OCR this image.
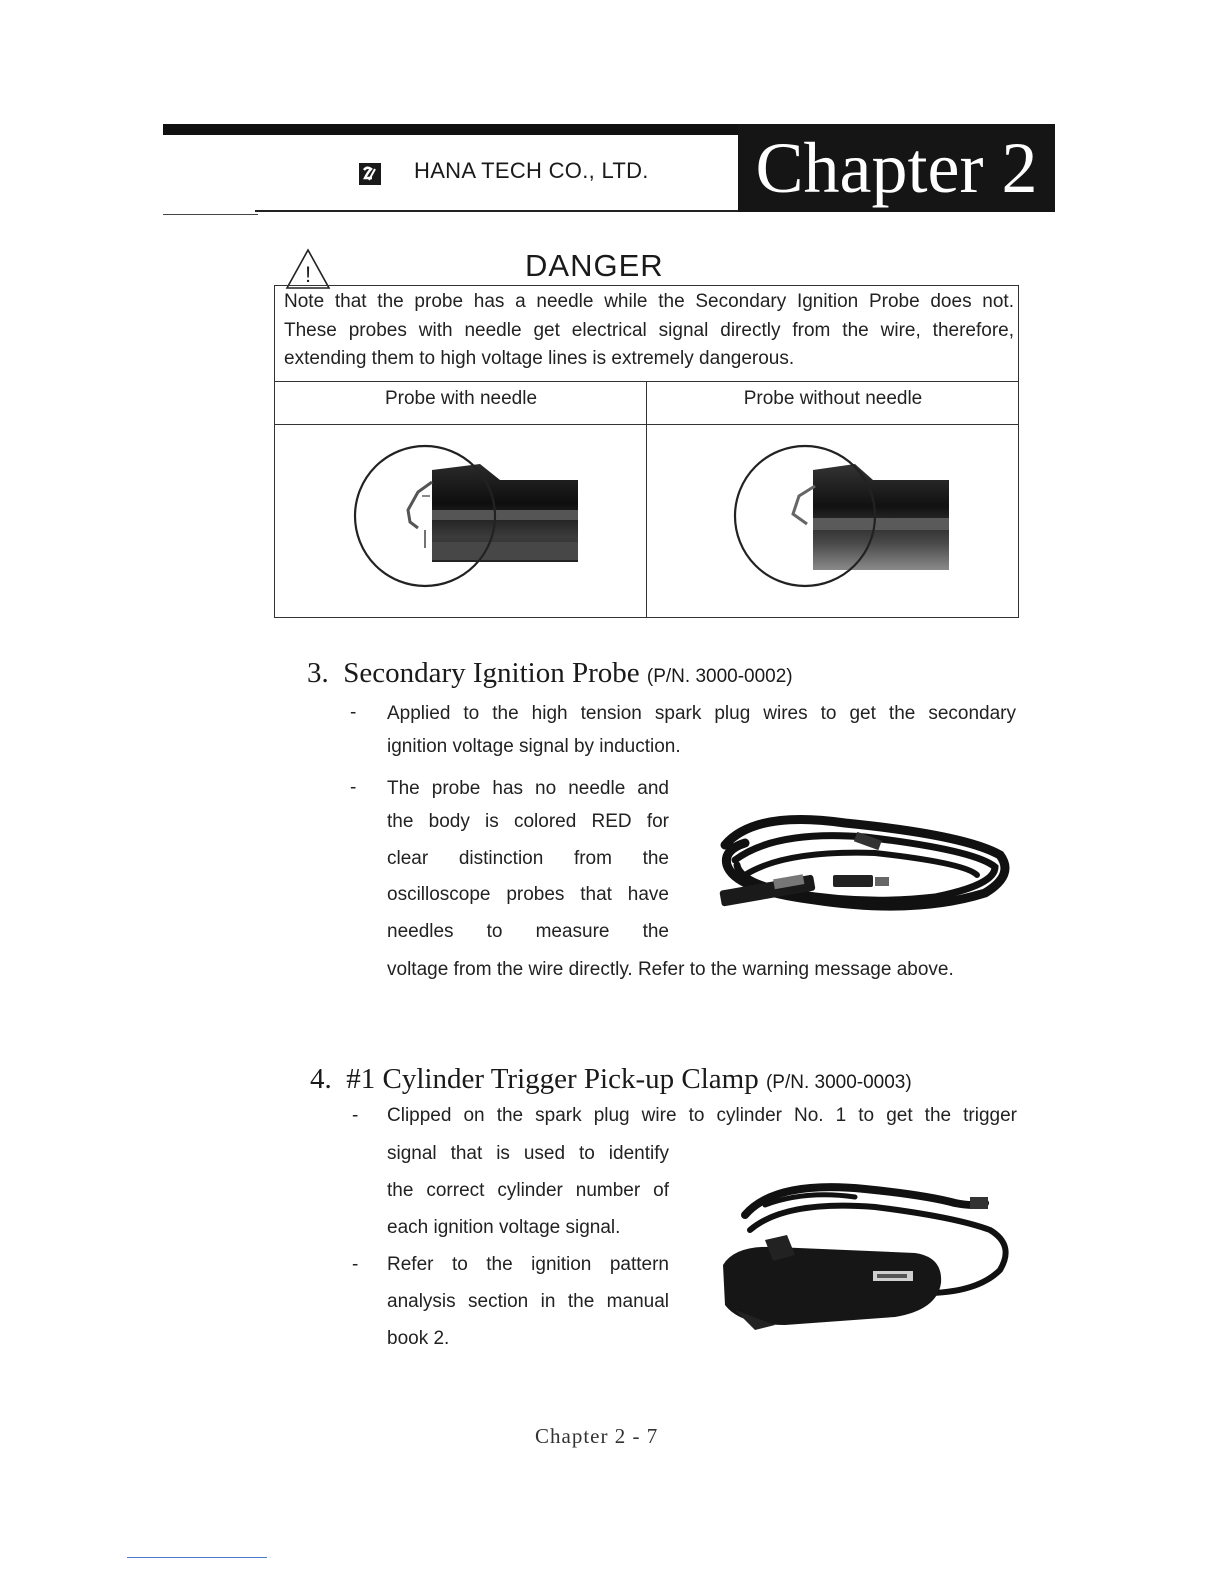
HANA TECH CO., LTD. Chapter 2
!	DANGER
Note that the probe has a needle while the Secondary Ignition Probe does not.
These probes with needle get electrical signal directly from the wire, therefore,
extending them to high voltage lines is extremely dangerous.
Probe with needle	Probe without needle
3. Secondary Ignition Probe (P/N. 3000-0002)
- Applied to the high tension spark plug wires to get the secondary
ignition voltage signal by induction.
- The probe has no needle and
the body is colored RED for
clear distinction from the
oscilloscope probes that have
needles to measure the
voltage from the wire directly. Refer to the warning message above.
4. #1 Cylinder Trigger Pick-up Clamp (P/N. 3000-0003)
- Clipped on the spark plug wire to cylinder No. 1 to get the trigger
signal that is used to identify
the correct cylinder number of
each ignition voltage signal.
- Refer to the ignition pattern
analysis section in the manual
book 2.
Chapter 2 - 7
